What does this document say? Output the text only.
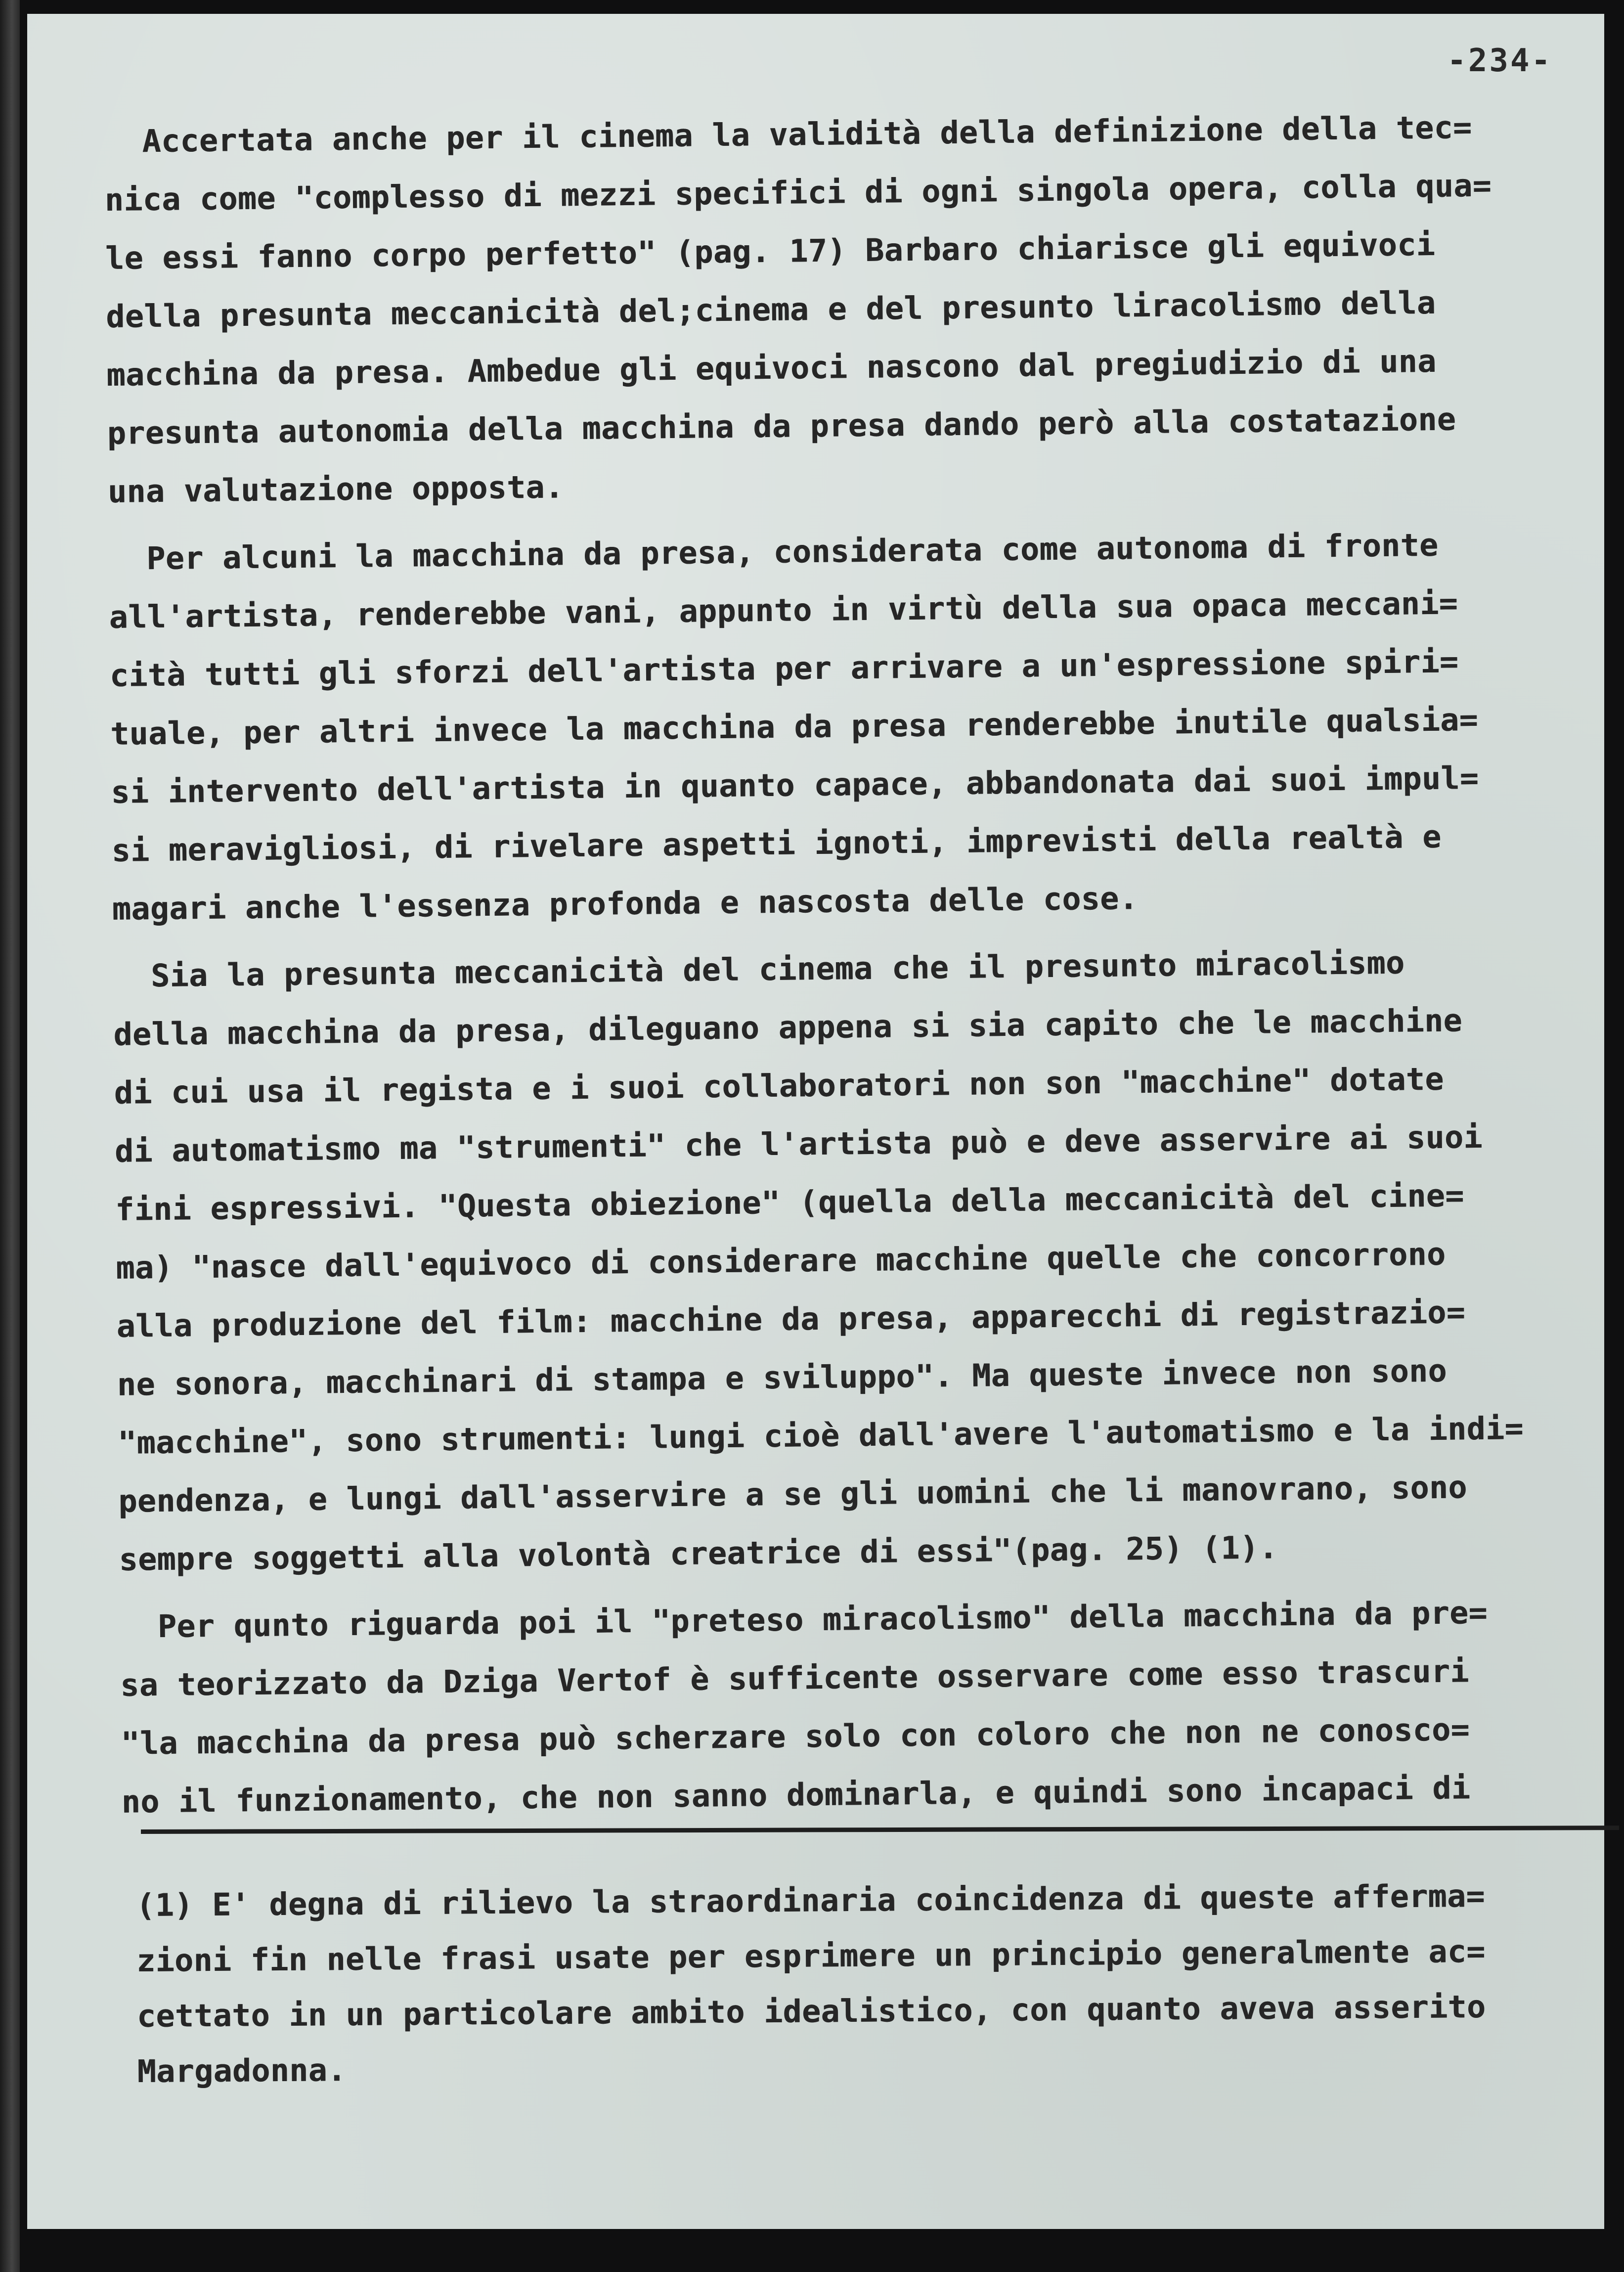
-234-
Accertata anche per il cinema la validità della definizione della tec=
nica come "complesso di mezzi specifici di ogni singola opera, colla qua=
le essi fanno corpo perfetto" (pag. 17) Barbaro chiarisce gli equivoci
della presunta meccanicità del;cinema e del presunto liracolismo della
macchina da presa. Ambedue gli equivoci nascono dal pregiudizio di una
presunta autonomia della macchina da presa dando però alla costatazione
una valutazione opposta.
Per alcuni la macchina da presa, considerata come autonoma di fronte
all'artista, renderebbe vani, appunto in virtù della sua opaca meccani=
cità tutti gli sforzi dell'artista per arrivare a un'espressione spiri=
tuale, per altri invece la macchina da presa renderebbe inutile qualsia=
si intervento dell'artista in quanto capace, abbandonata dai suoi impul=
si meravigliosi, di rivelare aspetti ignoti, imprevisti della realtà e
magari anche l'essenza profonda e nascosta delle cose.
Sia la presunta meccanicità del cinema che il presunto miracolismo
della macchina da presa, dileguano appena si sia capito che le macchine
di cui usa il regista e i suoi collaboratori non son "macchine" dotate
di automatismo ma "strumenti" che l'artista può e deve asservire ai suoi
fini espressivi. "Questa obiezione" (quella della meccanicità del cine=
ma) "nasce dall'equivoco di considerare macchine quelle che concorrono
alla produzione del film: macchine da presa, apparecchi di registrazio=
ne sonora, macchinari di stampa e sviluppo". Ma queste invece non sono
"macchine", sono strumenti: lungi cioè dall'avere l'automatismo e la indi=
pendenza, e lungi dall'asservire a se gli uomini che li manovrano, sono
sempre soggetti alla volontà creatrice di essi"(pag. 25) (1).
Per qunto riguarda poi il "preteso miracolismo" della macchina da pre=
sa teorizzato da Dziga Vertof è sufficente osservare come esso trascuri
"la macchina da presa può scherzare solo con coloro che non ne conosco=
no il funzionamento, che non sanno dominarla, e quindi sono incapaci di
(1) E' degna di rilievo la straordinaria coincidenza di queste afferma=
zioni fin nelle frasi usate per esprimere un principio generalmente ac=
cettato in un particolare ambito idealistico, con quanto aveva asserito
Margadonna.
